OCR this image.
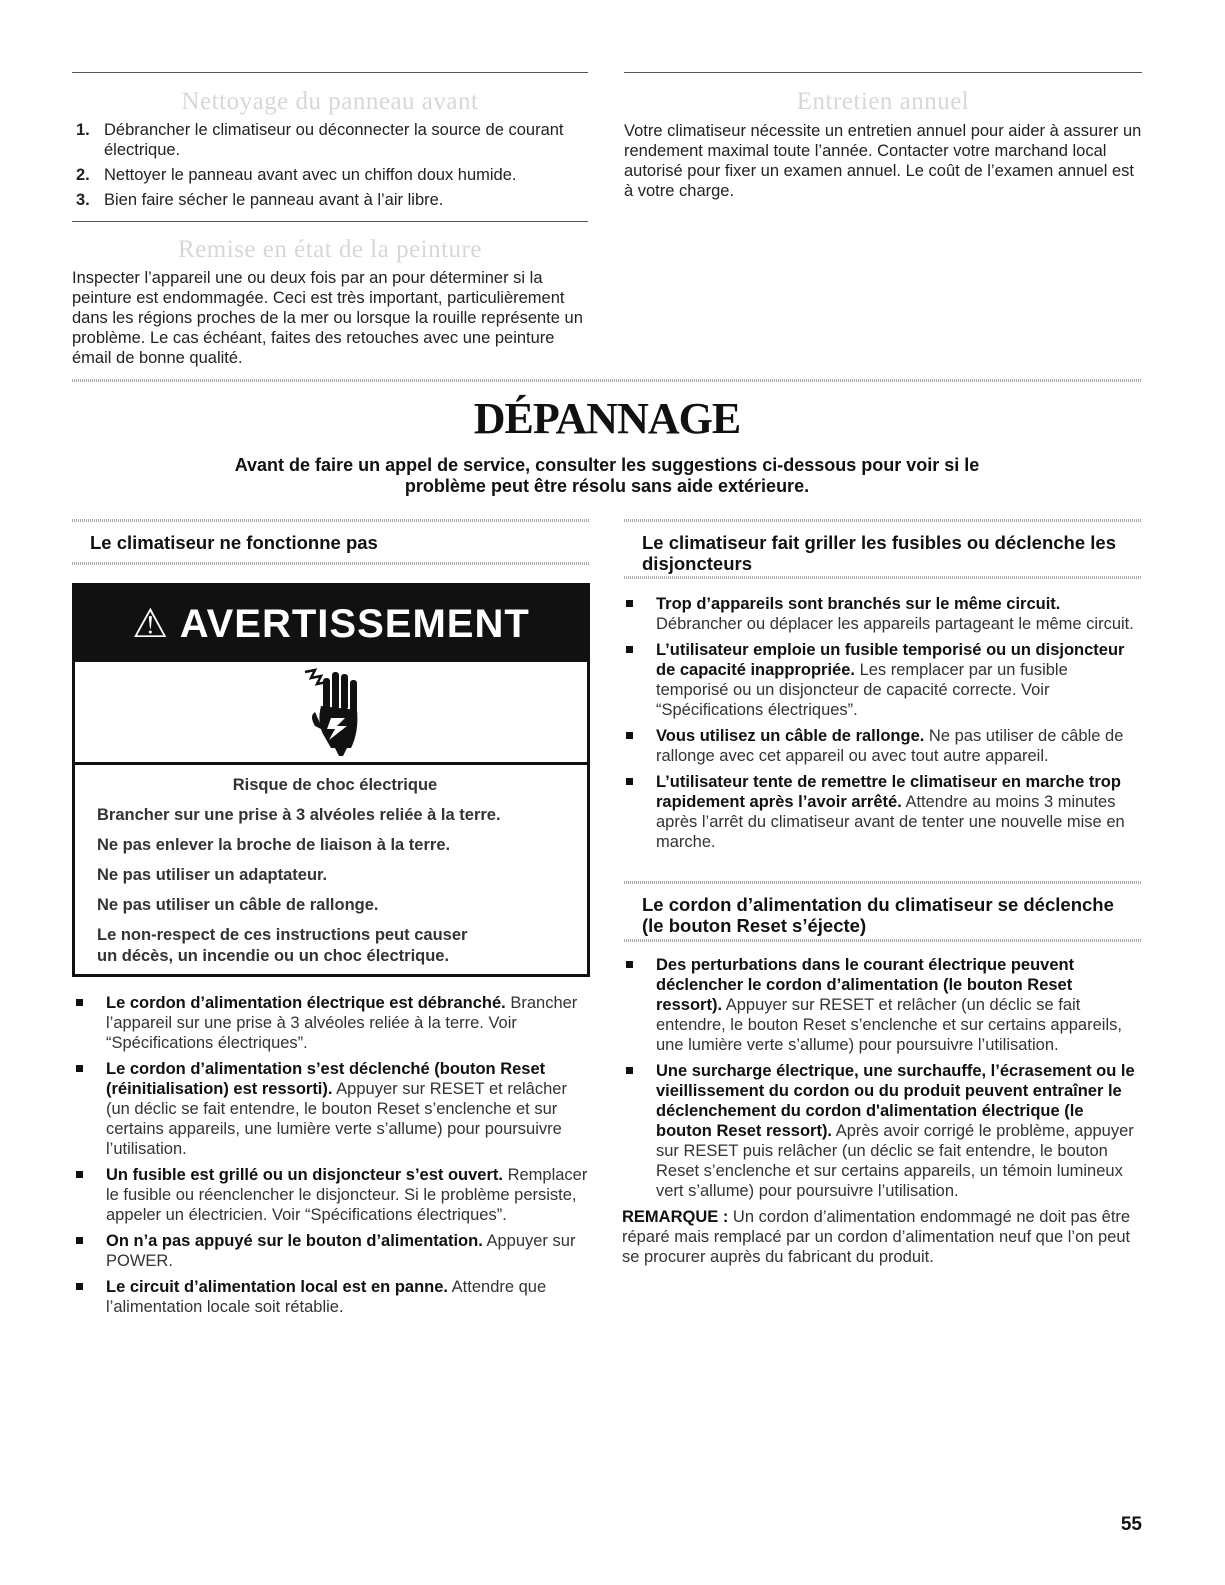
Nettoyage du panneau avant
1. Débrancher le climatiseur ou déconnecter la source de courant électrique.
2. Nettoyer le panneau avant avec un chiffon doux humide.
3. Bien faire sécher le panneau avant à l’air libre.
Remise en état de la peinture
Inspecter l’appareil une ou deux fois par an pour déterminer si la peinture est endommagée. Ceci est très important, particulièrement dans les régions proches de la mer ou lorsque la rouille représente un problème. Le cas échéant, faites des retouches avec une peinture émail de bonne qualité.
Entretien annuel
Votre climatiseur nécessite un entretien annuel pour aider à assurer un rendement maximal toute l’année. Contacter votre marchand local autorisé pour fixer un examen annuel. Le coût de l’examen annuel est à votre charge.
DÉPANNAGE
Avant de faire un appel de service, consulter les suggestions ci-dessous pour voir si le
problème peut être résolu sans aide extérieure.
Le climatiseur ne fonctionne pas
⚠ AVERTISSEMENT
Risque de choc électrique
Brancher sur une prise à 3 alvéoles reliée à la terre.
Ne pas enlever la broche de liaison à la terre.
Ne pas utiliser un adaptateur.
Ne pas utiliser un câble de rallonge.
Le non-respect de ces instructions peut causer
un décès, un incendie ou un choc électrique.
Le cordon d’alimentation électrique est débranché. Brancher l’appareil sur une prise à 3 alvéoles reliée à la terre. Voir “Spécifications électriques”.
Le cordon d’alimentation s’est déclenché (bouton Reset (réinitialisation) est ressorti). Appuyer sur RESET et relâcher (un déclic se fait entendre, le bouton Reset s’enclenche et sur certains appareils, une lumière verte s’allume) pour poursuivre l’utilisation.
Un fusible est grillé ou un disjoncteur s’est ouvert. Remplacer le fusible ou réenclencher le disjoncteur. Si le problème persiste, appeler un électricien. Voir “Spécifications électriques”.
On n’a pas appuyé sur le bouton d’alimentation. Appuyer sur POWER.
Le circuit d’alimentation local est en panne. Attendre que l’alimentation locale soit rétablie.
Le climatiseur fait griller les fusibles ou déclenche les disjoncteurs
Trop d’appareils sont branchés sur le même circuit. Débrancher ou déplacer les appareils partageant le même circuit.
L’utilisateur emploie un fusible temporisé ou un disjoncteur de capacité inappropriée. Les remplacer par un fusible temporisé ou un disjoncteur de capacité correcte. Voir “Spécifications électriques”.
Vous utilisez un câble de rallonge. Ne pas utiliser de câble de rallonge avec cet appareil ou avec tout autre appareil.
L’utilisateur tente de remettre le climatiseur en marche trop rapidement après l’avoir arrêté. Attendre au moins 3 minutes après l’arrêt du climatiseur avant de tenter une nouvelle mise en marche.
Le cordon d’alimentation du climatiseur se déclenche (le bouton Reset s’éjecte)
Des perturbations dans le courant électrique peuvent déclencher le cordon d’alimentation (le bouton Reset ressort). Appuyer sur RESET et relâcher (un déclic se fait entendre, le bouton Reset s’enclenche et sur certains appareils, une lumière verte s’allume) pour poursuivre l’utilisation.
Une surcharge électrique, une surchauffe, l’écrasement ou le vieillissement du cordon ou du produit peuvent entraîner le déclenchement du cordon d'alimentation électrique (le bouton Reset ressort). Après avoir corrigé le problème, appuyer sur RESET puis relâcher (un déclic se fait entendre, le bouton Reset s’enclenche et sur certains appareils, un témoin lumineux vert s’allume) pour poursuivre l’utilisation.
REMARQUE : Un cordon d’alimentation endommagé ne doit pas être réparé mais remplacé par un cordon d’alimentation neuf que l’on peut se procurer auprès du fabricant du produit.
55
